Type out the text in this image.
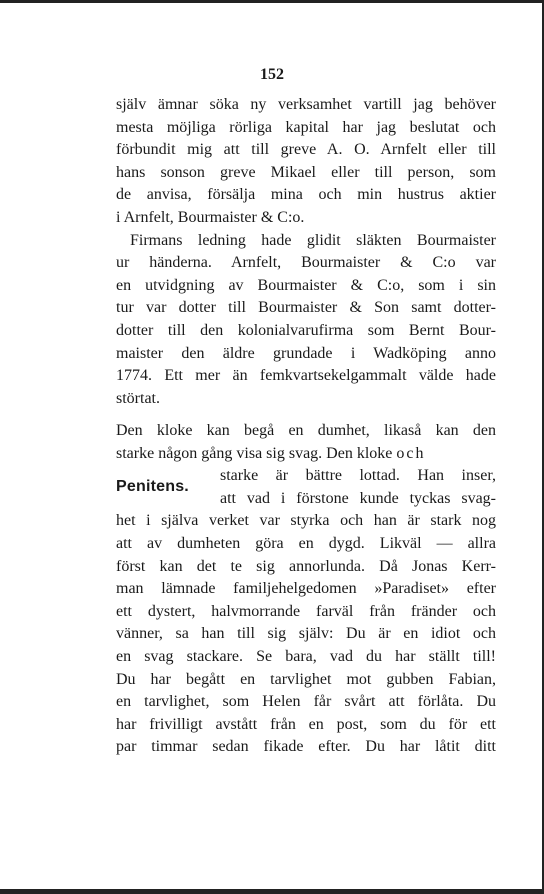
152
själv ämnar söka ny verksamhet vartill jag behöver
mesta möjliga rörliga kapital har jag beslutat och
förbundit mig att till greve A. O. Arnfelt eller till
hans sonson greve Mikael eller till person, som
de anvisa, försälja mina och min hustrus aktier
i Arnfelt, Bourmaister & C:o.
Firmans ledning hade glidit släkten Bourmaister
ur händerna. Arnfelt, Bourmaister & C:o var
en utvidgning av Bourmaister & C:o, som i sin
tur var dotter till Bourmaister & Son samt dotter-
dotter till den kolonialvarufirma som Bernt Bour-
maister den äldre grundade i Wadköping anno
1774. Ett mer än femkvartsekelgammalt välde hade
störtat.
Den kloke kan begå en dumhet, likaså kan den
starke någon gång visa sig svag. Den kloke och
Penitens.
starke är bättre lottad. Han inser,
att vad i förstone kunde tyckas svag-
het i själva verket var styrka och han är stark nog
att av dumheten göra en dygd. Likväl — allra
först kan det te sig annorlunda. Då Jonas Kerr-
man lämnade familjehelgedomen »Paradiset» efter
ett dystert, halvmorrande farväl från fränder och
vänner, sa han till sig själv: Du är en idiot och
en svag stackare. Se bara, vad du har ställt till!
Du har begått en tarvlighet mot gubben Fabian,
en tarvlighet, som Helen får svårt att förlåta. Du
har frivilligt avstått från en post, som du för ett
par timmar sedan fikade efter. Du har låtit ditt
